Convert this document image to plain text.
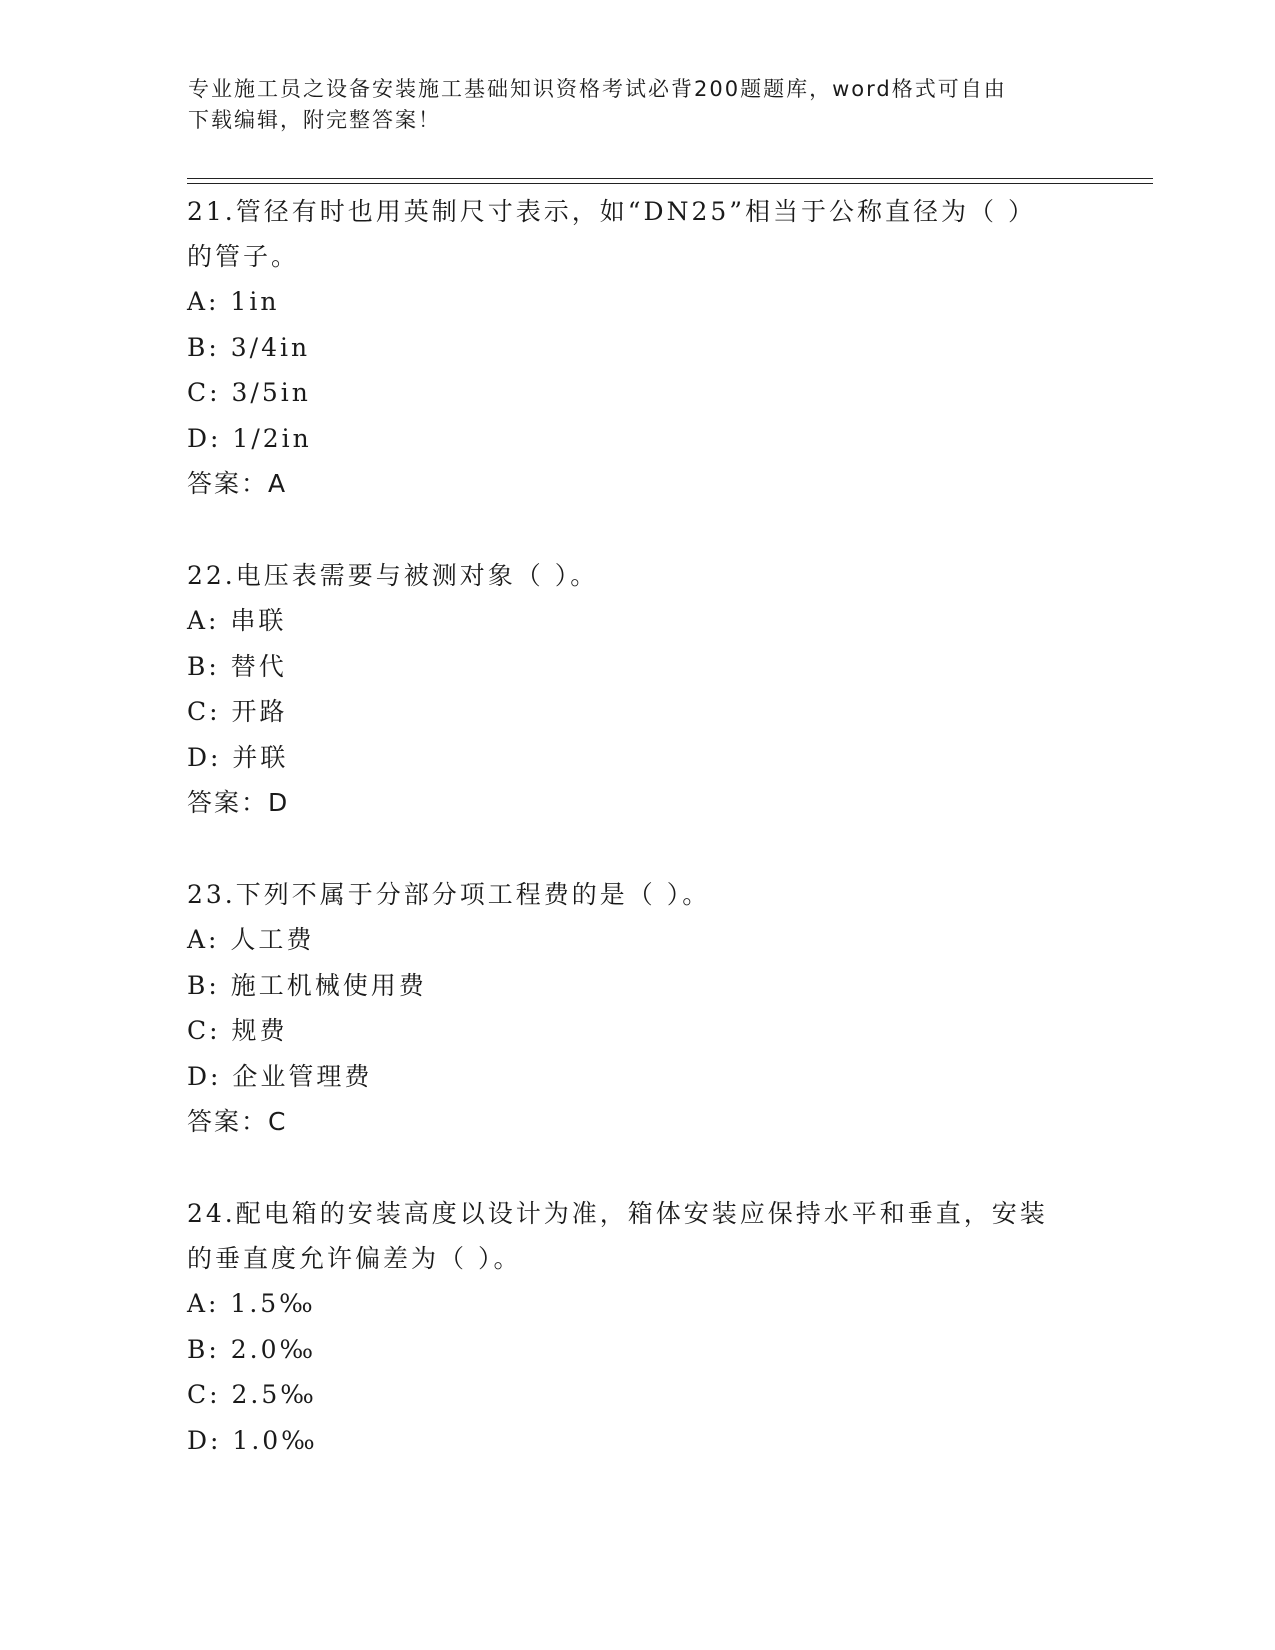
专业施工员之设备安装施工基础知识资格考试必背200题题库，word格式可自由
下载编辑，附完整答案！
21.管径有时也用英制尺寸表示，如“DN25”相当于公称直径为（ ）
的管子。
A: 1in
B: 3/4in
C: 3/5in
D: 1/2in
答案：A
22.电压表需要与被测对象（ ）。
A: 串联
B: 替代
C: 开路
D: 并联
答案：D
23.下列不属于分部分项工程费的是（ ）。
A: 人工费
B: 施工机械使用费
C: 规费
D: 企业管理费
答案：C
24.配电箱的安装高度以设计为准，箱体安装应保持水平和垂直，安装
的垂直度允许偏差为（ ）。
A: 1.5‰
B: 2.0‰
C: 2.5‰
D: 1.0‰
